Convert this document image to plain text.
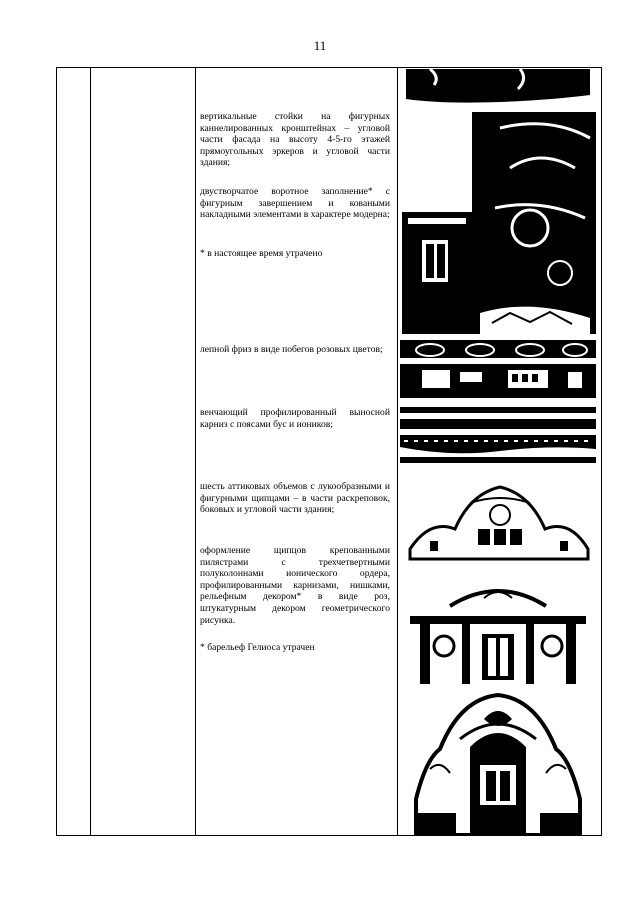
11

вертикальные стойки на фигурных каннелированных кронштейнах – угловой части фасада на высоту 4-5-го этажей прямоугольных эркеров и угловой части здания;

двустворчатое воротное заполнение* с фигурным завершением и коваными накладными элементами в характере модерна;

* в настоящее время утрачено

лепной фриз в виде побегов розовых цветов;

венчающий профилированный выносной карниз с поясами бус и иоников;

шесть аттиковых объемов с лукообразными и фигурными щипцами – в части раскреповок, боковых и угловой части здания;

оформление щипцов крепованными пилястрами с трехчетвертными полуколоннами ионического ордера, профилированными карнизами, нишками, рельефным декором* в виде роз, штукатурным декором геометрического рисунка.

* барельеф Гелиоса утрачен
